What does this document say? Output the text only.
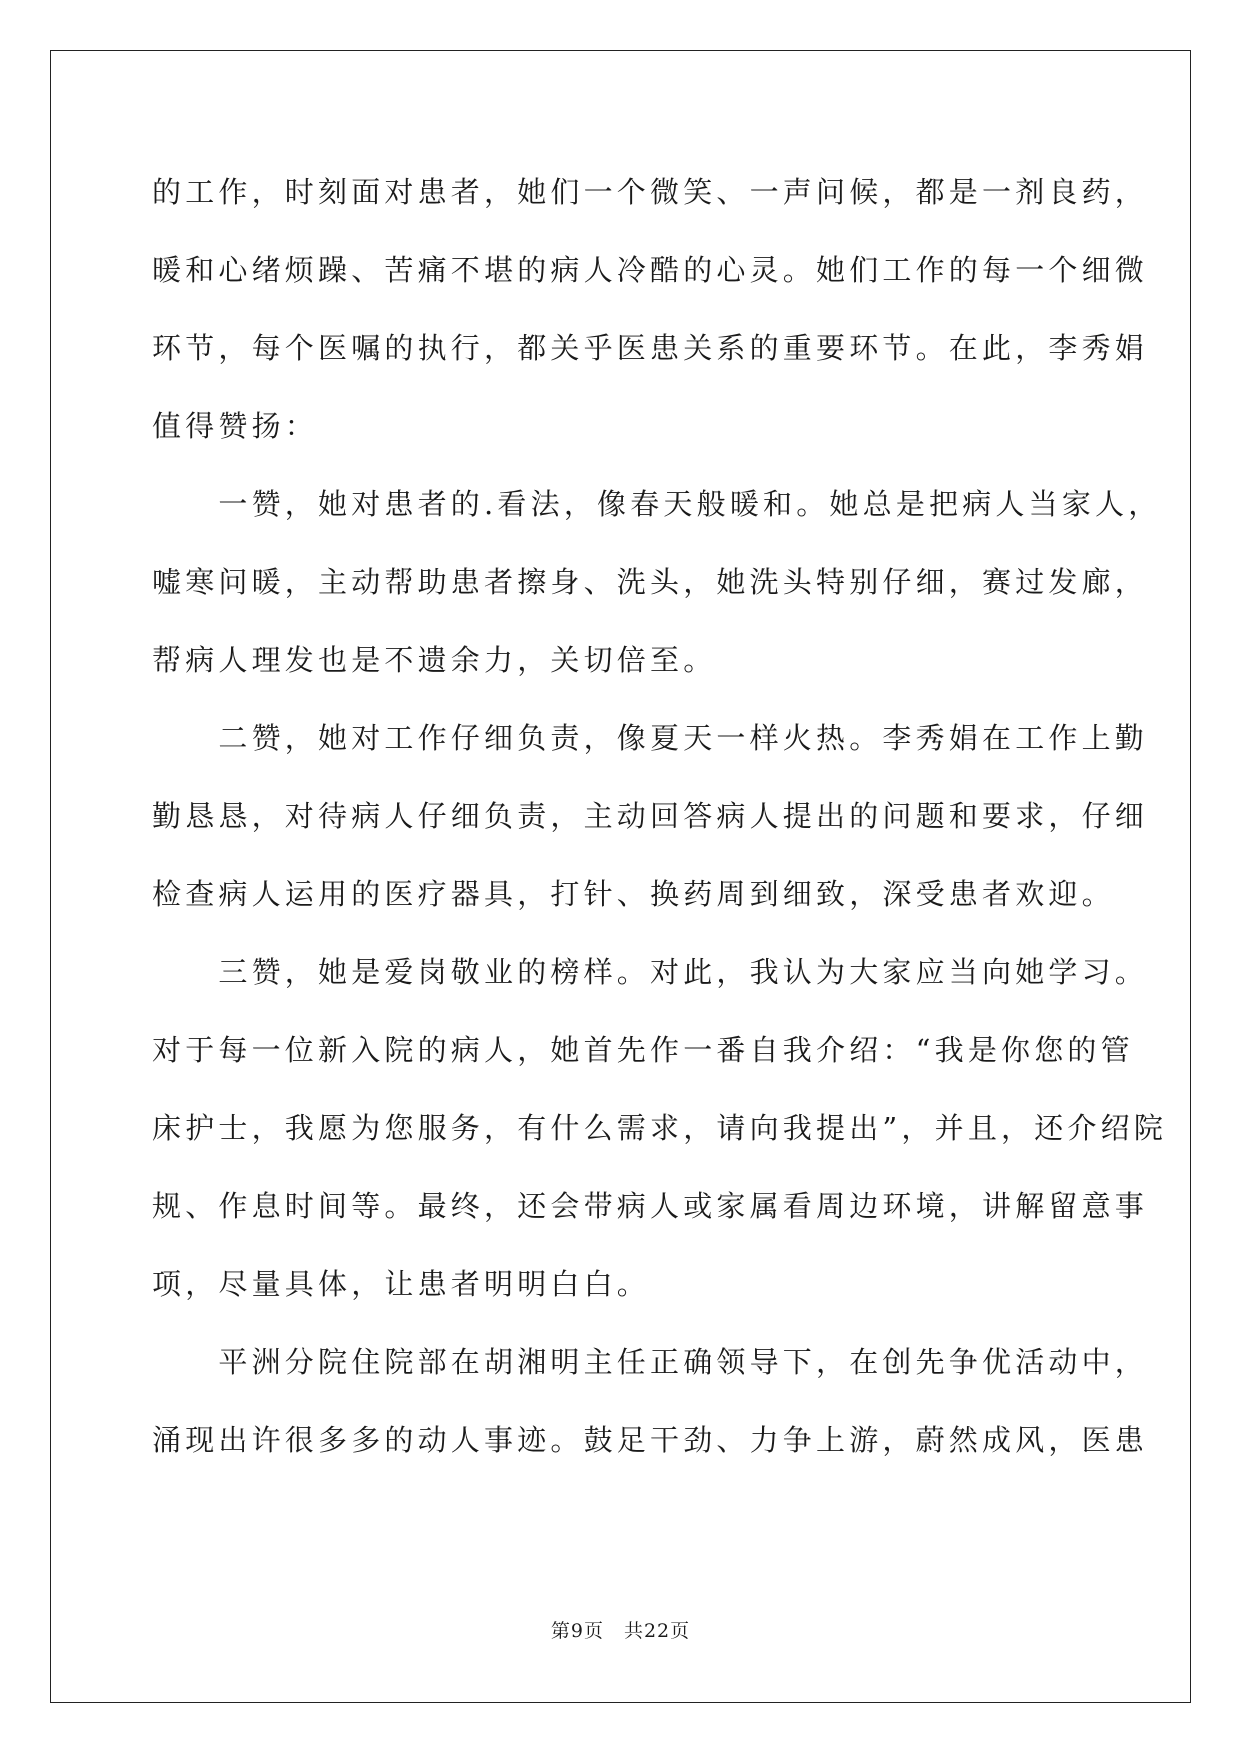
的工作，时刻面对患者，她们一个微笑、一声问候，都是一剂良药，
暖和心绪烦躁、苦痛不堪的病人冷酷的心灵。她们工作的每一个细微
环节，每个医嘱的执行，都关乎医患关系的重要环节。在此，李秀娟
值得赞扬：
　　一赞，她对患者的.看法，像春天般暖和。她总是把病人当家人，
嘘寒问暖，主动帮助患者擦身、洗头，她洗头特别仔细，赛过发廊，
帮病人理发也是不遗余力，关切倍至。
　　二赞，她对工作仔细负责，像夏天一样火热。李秀娟在工作上勤
勤恳恳，对待病人仔细负责，主动回答病人提出的问题和要求，仔细
检查病人运用的医疗器具，打针、换药周到细致，深受患者欢迎。
　　三赞，她是爱岗敬业的榜样。对此，我认为大家应当向她学习。
对于每一位新入院的病人，她首先作一番自我介绍：“我是你您的管
床护士，我愿为您服务，有什么需求，请向我提出”，并且，还介绍院
规、作息时间等。最终，还会带病人或家属看周边环境，讲解留意事
项，尽量具体，让患者明明白白。
　　平洲分院住院部在胡湘明主任正确领导下，在创先争优活动中，
涌现出许很多多的动人事迹。鼓足干劲、力争上游，蔚然成风，医患
第9页　共22页
